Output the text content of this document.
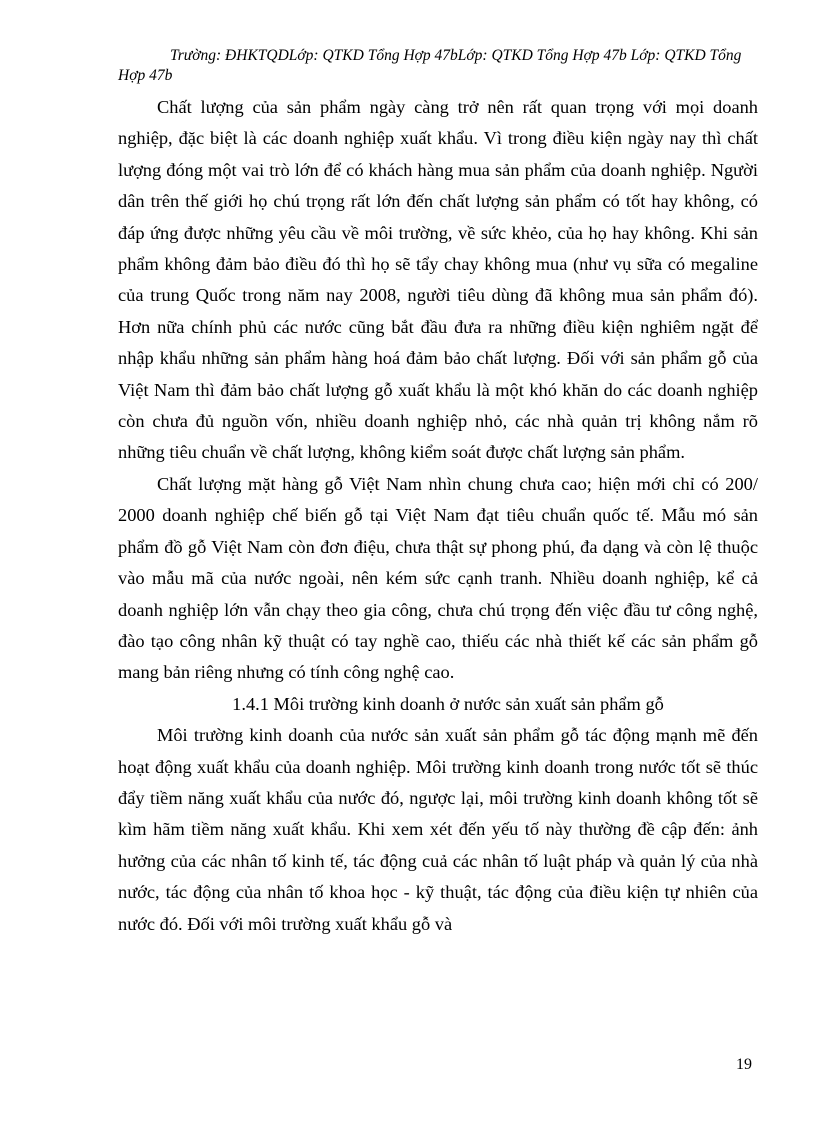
Trường: ĐHKTQDLớp: QTKD Tổng Hợp 47bLớp: QTKD Tổng Hợp 47b Lớp: QTKD Tổng Hợp 47b

Chất lượng của sản phẩm ngày càng trở nên rất quan trọng với mọi doanh nghiệp, đặc biệt là các doanh nghiệp xuất khẩu. Vì trong điều kiện ngày nay thì chất lượng đóng một vai trò lớn để có khách hàng mua sản phẩm của doanh nghiệp. Người dân trên thế giới họ chú trọng rất lớn đến chất lượng sản phẩm có tốt hay không, có đáp ứng được những yêu cầu về môi trường, về sức khẻo, của họ hay không. Khi sản phẩm không đảm bảo điều đó thì họ sẽ tẩy chay không mua (như vụ sữa có megaline của trung Quốc trong năm nay 2008, người tiêu dùng đã không mua sản phẩm đó). Hơn nữa chính phủ các nước cũng bắt đầu đưa ra những điều kiện nghiêm ngặt để nhập khẩu những sản phẩm hàng hoá đảm bảo chất lượng. Đối với sản phẩm gỗ của Việt Nam thì đảm bảo chất lượng gỗ xuất khẩu là một khó khăn do các doanh nghiệp còn chưa đủ nguồn vốn, nhiều doanh nghiệp nhỏ, các nhà quản trị không nắm rõ những tiêu chuẩn về chất lượng, không kiểm soát được chất lượng sản phẩm.

Chất lượng mặt hàng gỗ Việt Nam nhìn chung chưa cao; hiện mới chỉ có 200/ 2000 doanh nghiệp chế biến gỗ tại Việt Nam đạt tiêu chuẩn quốc tế. Mẫu mó sản phẩm đồ gỗ Việt Nam còn đơn điệu, chưa thật sự phong phú, đa dạng và còn lệ thuộc vào mẫu mã của nước ngoài, nên kém sức cạnh tranh. Nhiều doanh nghiệp, kể cả doanh nghiệp lớn vẫn chạy theo gia công, chưa chú trọng đến việc đầu tư công nghệ, đào tạo công nhân kỹ thuật có tay nghề cao, thiếu các nhà thiết kế các sản phẩm gỗ mang bản riêng nhưng có tính công nghệ cao.

1.4.1 Môi trường kinh doanh ở nước sản xuất sản phẩm gỗ

Môi trường kinh doanh của nước sản xuất sản phẩm gỗ tác động mạnh mẽ đến hoạt động xuất khẩu của doanh nghiệp. Môi trường kinh doanh trong nước tốt sẽ thúc đẩy tiềm năng xuất khẩu của nước đó, ngược lại, môi trường kinh doanh không tốt sẽ kìm hãm tiềm năng xuất khẩu. Khi xem xét đến yếu tố này thường đề cập đến: ảnh hưởng của các nhân tố kinh tế, tác động cuả các nhân tố luật pháp và quản lý của nhà nước, tác động của nhân tố khoa học - kỹ thuật, tác động của điều kiện tự nhiên của nước đó. Đối với môi trường xuất khẩu gỗ và

19
